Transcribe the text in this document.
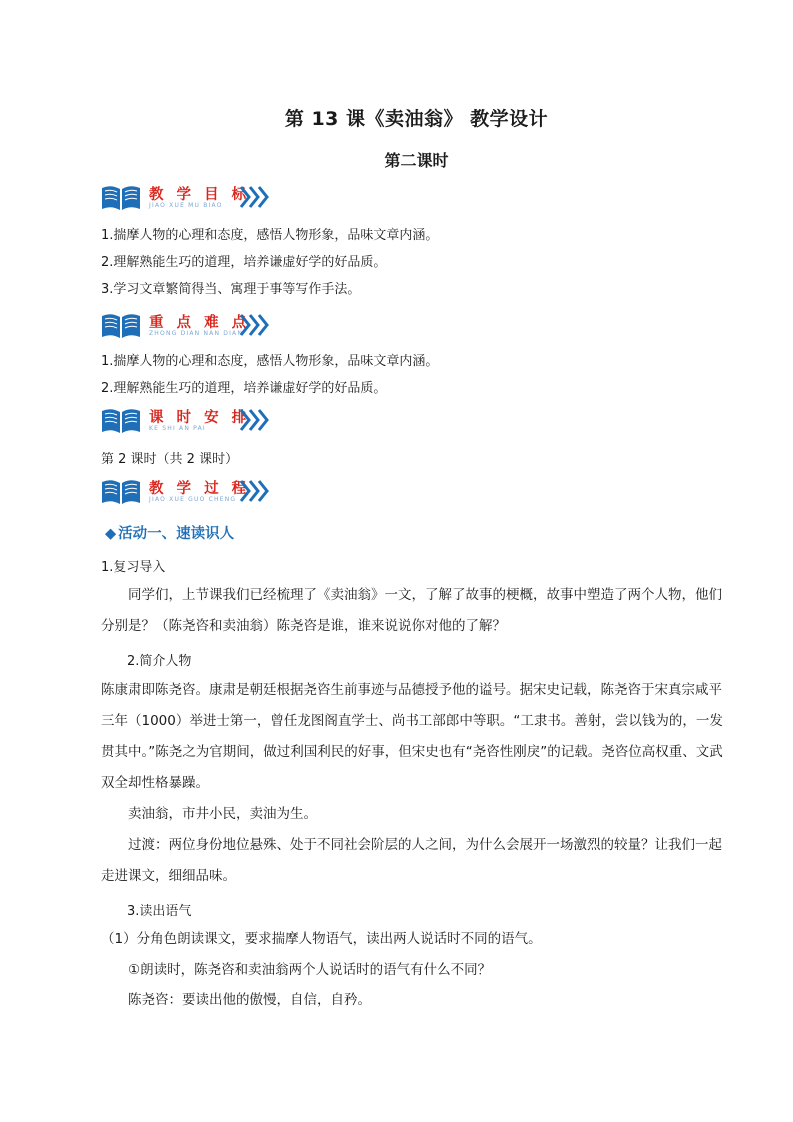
第 13 课《卖油翁》 教学设计
第二课时
教 学 目 标
JIAO XUE MU BIAO
1.揣摩人物的心理和态度，感悟人物形象，品味文章内涵。
2.理解熟能生巧的道理，培养谦虚好学的好品质。
3.学习文章繁简得当、寓理于事等写作手法。
重 点 难 点
ZHONG DIAN NAN DIAN
1.揣摩人物的心理和态度，感悟人物形象，品味文章内涵。
2.理解熟能生巧的道理，培养谦虚好学的好品质。
课 时 安 排
KE SHI AN PAI
第 2 课时（共 2 课时）
教 学 过 程
JIAO XUE GUO CHENG
◆ 活动一、速读识人
1.复习导入
同学们，上节课我们已经梳理了《卖油翁》一文，了解了故事的梗概，故事中塑造了两个人物，他们分别是？（陈尧咨和卖油翁）陈尧咨是谁，谁来说说你对他的了解？
2.简介人物
陈康肃即陈尧咨。康肃是朝廷根据尧咨生前事迹与品德授予他的谥号。据宋史记载，陈尧咨于宋真宗咸平三年（1000）举进士第一，曾任龙图阁直学士、尚书工部郎中等职。“工隶书。善射，尝以钱为的，一发贯其中。”陈尧之为官期间，做过利国利民的好事，但宋史也有“尧咨性刚戾”的记载。尧咨位高权重、文武双全却性格暴躁。
卖油翁，市井小民，卖油为生。
过渡：两位身份地位悬殊、处于不同社会阶层的人之间，为什么会展开一场激烈的较量？让我们一起走进课文，细细品味。
3.读出语气
（1）分角色朗读课文，要求揣摩人物语气，读出两人说话时不同的语气。
①朗读时，陈尧咨和卖油翁两个人说话时的语气有什么不同？
陈尧咨：要读出他的傲慢，自信，自矜。
